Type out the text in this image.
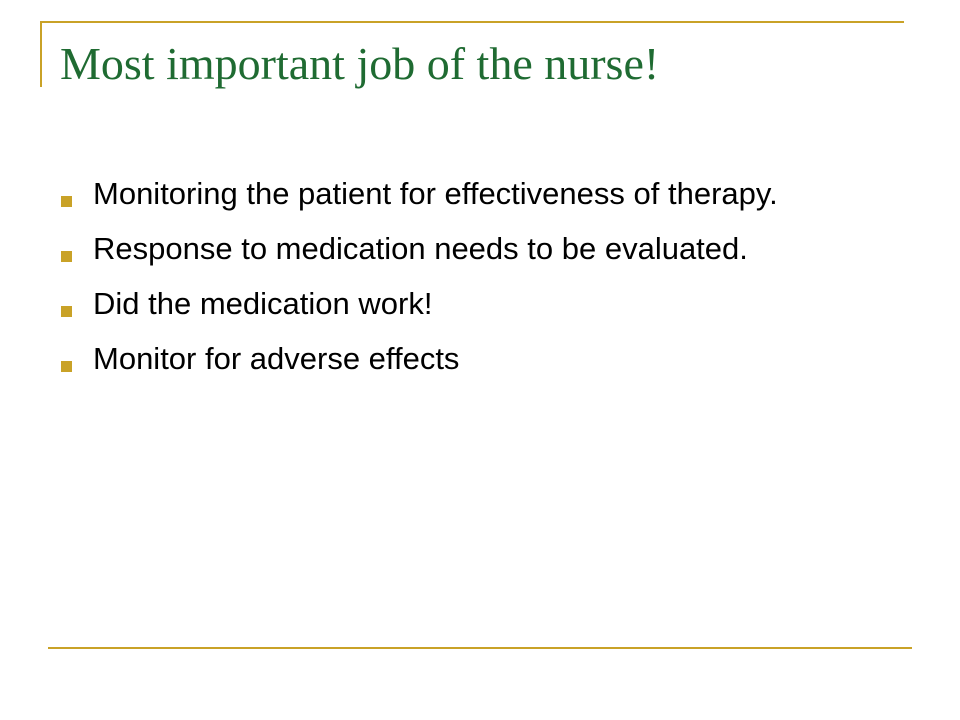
Most important job of the nurse!
Monitoring the patient for effectiveness of therapy.
Response to medication needs to be evaluated.
Did the medication work!
Monitor for adverse effects
